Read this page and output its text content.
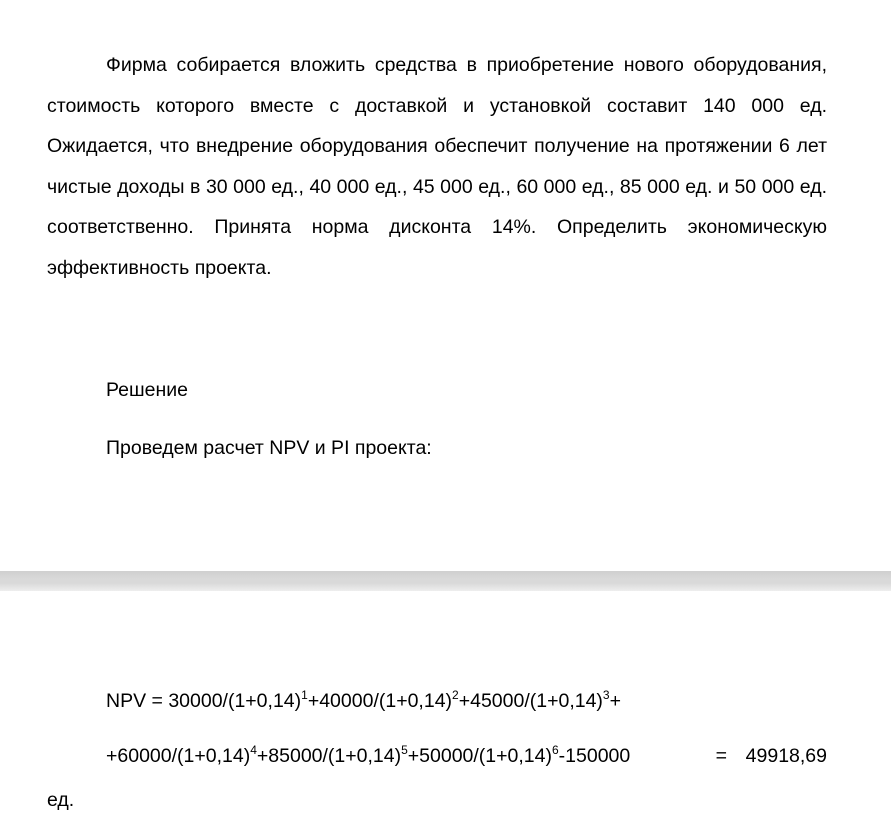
Фирма собирается вложить средства в приобретение нового оборудования, стоимость которого вместе с доставкой и установкой составит 140 000 ед. Ожидается, что внедрение оборудования обеспечит получение на протяжении 6 лет чистые доходы в 30 000 ед., 40 000 ед., 45 000 ед., 60 000 ед., 85 000 ед. и 50 000 ед. соответственно. Принята норма дисконта 14%. Определить экономическую эффективность проекта.

Решение
Проведем расчет NPV и PI проекта:
NPV = $30000/(1+0,14)^1+40000/(1+0,14)^2+45000/(1+0,14)^3+$
$+60000/(1+0,14)^4+85000/(1+0,14)^5+50000/(1+0,14)^6-150000$	= 49918,69
ед.
